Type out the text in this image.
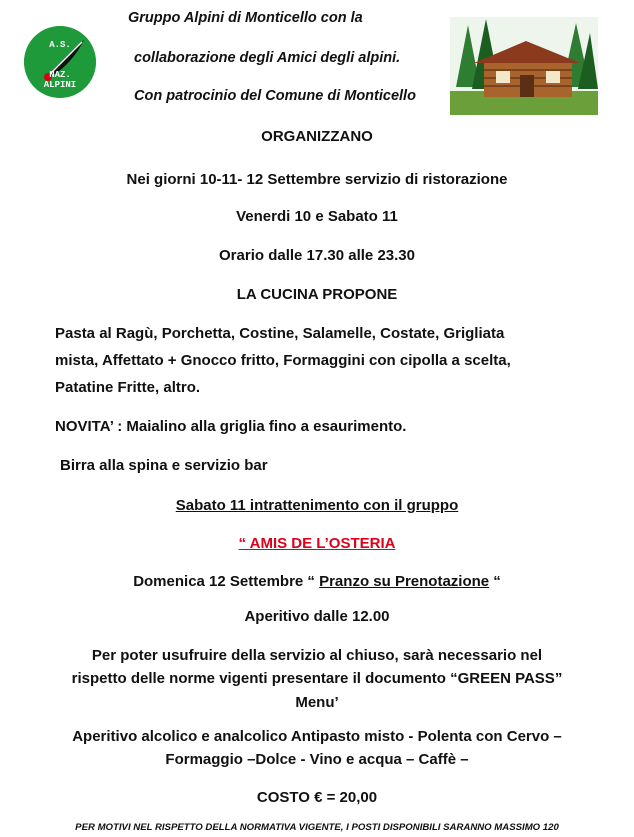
A.S.
NAZ.
ALPINI
Gruppo Alpini di Monticello con la
collaborazione degli Amici degli alpini.
Con patrocinio del Comune di Monticello
ORGANIZZANO
Nei giorni 10-11- 12 Settembre servizio di ristorazione
Venerdi 10 e Sabato 11
Orario dalle 17.30 alle 23.30
LA CUCINA PROPONE
Pasta al Ragù, Porchetta, Costine, Salamelle, Costate, Grigliata
mista, Affettato + Gnocco fritto, Formaggini con cipolla a scelta,
Patatine Fritte, altro.
NOVITA’ : Maialino alla griglia fino a esaurimento.
Birra alla spina e servizio bar
Sabato 11 intrattenimento con il gruppo
“ AMIS DE L’OSTERIA
Domenica 12 Settembre “ Pranzo su Prenotazione “
Aperitivo dalle 12.00
Per poter usufruire della servizio al chiuso, sarà necessario nel
rispetto delle norme vigenti presentare il documento “GREEN PASS”
Menu’
Aperitivo alcolico e analcolico Antipasto misto - Polenta con Cervo –
Formaggio –Dolce - Vino e acqua – Caffè –
COSTO € = 20,00
PER MOTIVI NEL RISPETTO DELLA NORMATIVA VIGENTE, I POSTI DISPONIBILI SARANNO MASSIMO 120
